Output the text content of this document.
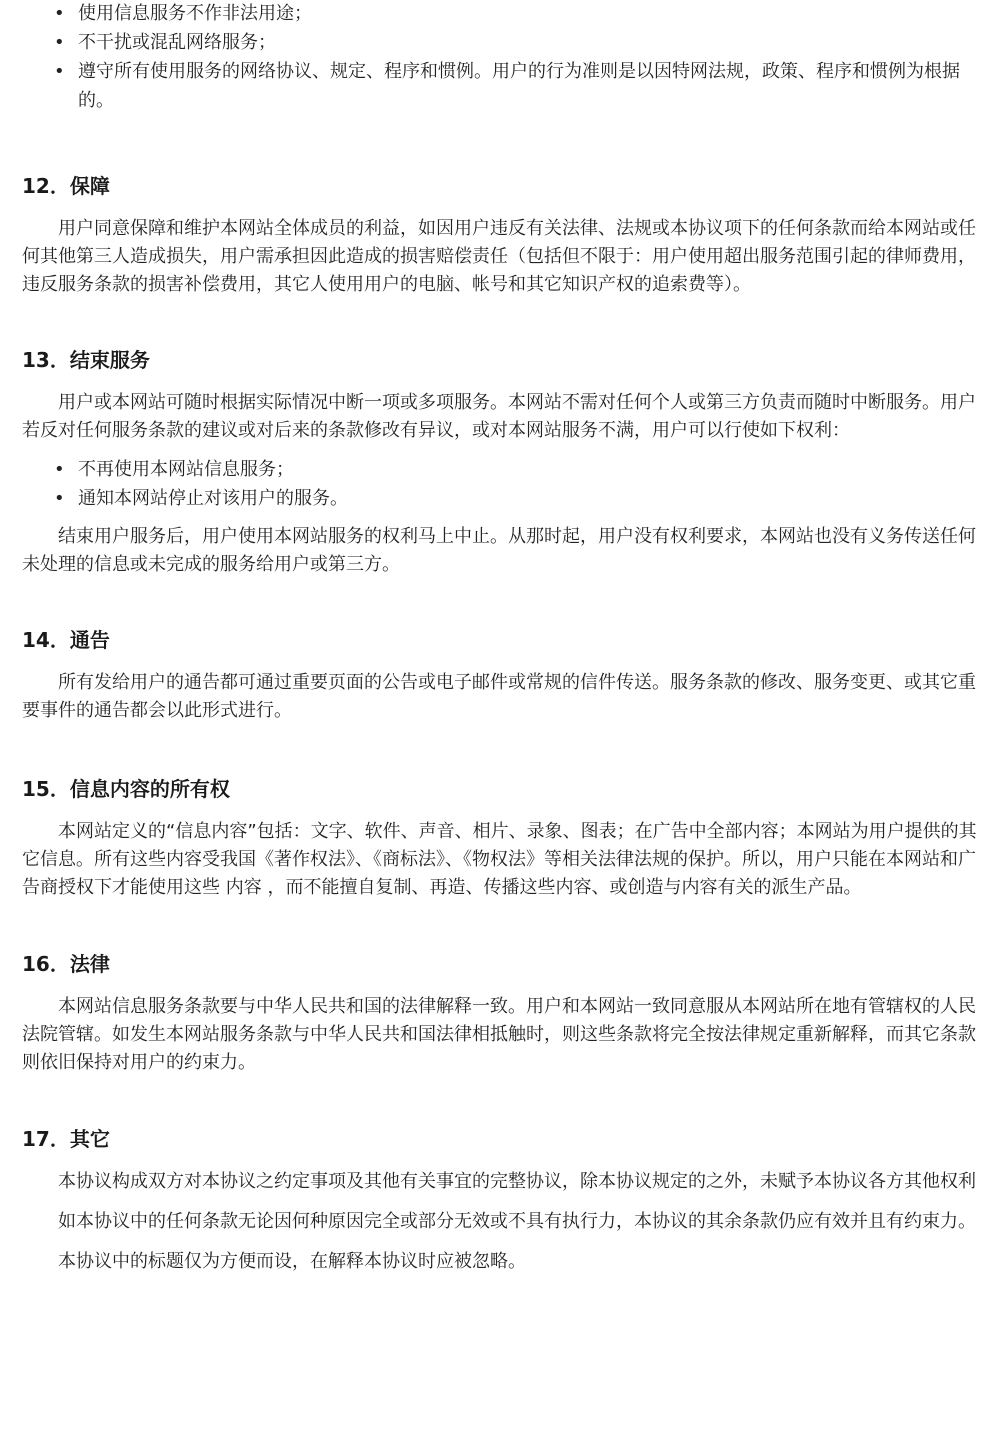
• 使用信息服务不作非法用途；
• 不干扰或混乱网络服务；
• 遵守所有使用服务的网络协议、规定、程序和惯例。用户的行为准则是以因特网法规，政策、程序和惯例为根据的。
12．保障

用户同意保障和维护本网站全体成员的利益，如因用户违反有关法律、法规或本协议项下的任何条款而给本网站或任何其他第三人造成损失，用户需承担因此造成的损害赔偿责任（包括但不限于：用户使用超出服务范围引起的律师费用，违反服务条款的损害补偿费用，其它人使用用户的电脑、帐号和其它知识产权的追索费等）。

13．结束服务

用户或本网站可随时根据实际情况中断一项或多项服务。本网站不需对任何个人或第三方负责而随时中断服务。用户若反对任何服务条款的建议或对后来的条款修改有异议，或对本网站服务不满，用户可以行使如下权利：

• 不再使用本网站信息服务；
• 通知本网站停止对该用户的服务。

结束用户服务后，用户使用本网站服务的权利马上中止。从那时起，用户没有权利要求，本网站也没有义务传送任何未处理的信息或未完成的服务给用户或第三方。

14．通告

所有发给用户的通告都可通过重要页面的公告或电子邮件或常规的信件传送。服务条款的修改、服务变更、或其它重要事件的通告都会以此形式进行。

15．信息内容的所有权

本网站定义的“信息内容”包括：文字、软件、声音、相片、录象、图表；在广告中全部内容；本网站为用户提供的其它信息。所有这些内容受我国《著作权法》、《商标法》、《物权法》等相关法律法规的保护。所以，用户只能在本网站和广告商授权下才能使用这些 内容 ，而不能擅自复制、再造、传播这些内容、或创造与内容有关的派生产品。

16．法律

本网站信息服务条款要与中华人民共和国的法律解释一致。用户和本网站一致同意服从本网站所在地有管辖权的人民法院管辖。如发生本网站服务条款与中华人民共和国法律相抵触时，则这些条款将完全按法律规定重新解释，而其它条款则依旧保持对用户的约束力。

17．其它

本协议构成双方对本协议之约定事项及其他有关事宜的完整协议，除本协议规定的之外，未赋予本协议各方其他权利

如本协议中的任何条款无论因何种原因完全或部分无效或不具有执行力，本协议的其余条款仍应有效并且有约束力。

本协议中的标题仅为方便而设，在解释本协议时应被忽略。
